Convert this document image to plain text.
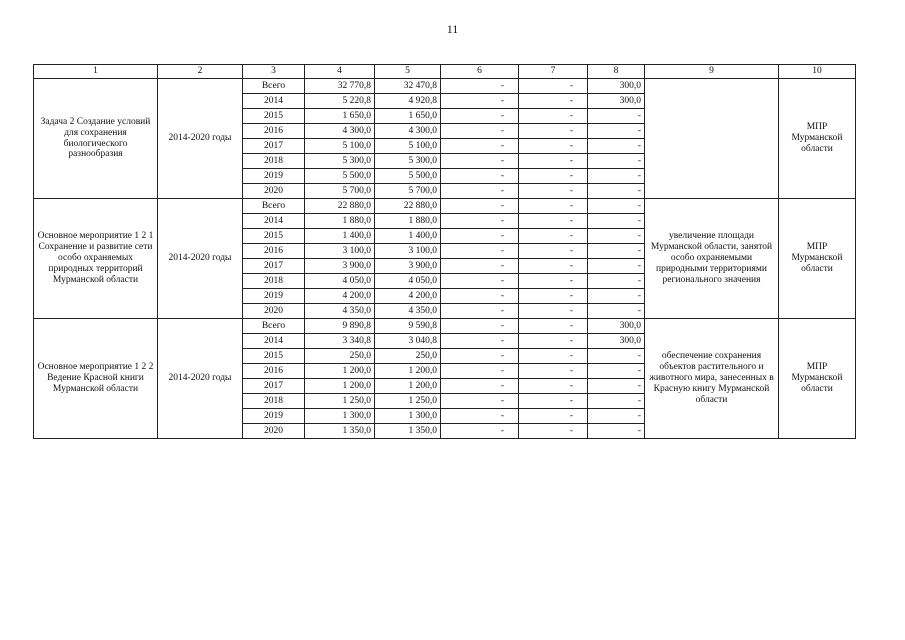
11
1	2	3	4	5	6	7	8	9	10
Задача 2 Создание условий для сохранения биологического разнообразия	2014-2020 годы	Всего	32 770,8	32 470,8	-	-	300,0		МПР Мурманской области
		2014	5 220,8	4 920,8	-	-	300,0		
		2015	1 650,0	1 650,0	-	-	-		
		2016	4 300,0	4 300,0	-	-	-		
		2017	5 100,0	5 100,0	-	-	-		
		2018	5 300,0	5 300,0	-	-	-		
		2019	5 500,0	5 500,0	-	-	-		
		2020	5 700,0	5 700,0	-	-	-		
Основное мероприятие 1 2 1 Сохранение и развитие сети особо охраняемых природных территорий Мурманской области	2014-2020 годы	Всего	22 880,0	22 880,0	-	-	-	увеличение площади Мурманской области, занятой особо охраняемыми природными территориями регионального значения	МПР Мурманской области
		2014	1 880,0	1 880,0	-	-	-		
		2015	1 400,0	1 400,0	-	-	-		
		2016	3 100,0	3 100,0	-	-	-		
		2017	3 900,0	3 900,0	-	-	-		
		2018	4 050,0	4 050,0	-	-	-		
		2019	4 200,0	4 200,0	-	-	-		
		2020	4 350,0	4 350,0	-	-	-		
Основное мероприятие 1 2 2 Ведение Красной книги Мурманской области	2014-2020 годы	Всего	9 890,8	9 590,8	-	-	300,0	обеспечение сохранения объектов растительного и животного мира, занесенных в Красную книгу Мурманской области	МПР Мурманской области
		2014	3 340,8	3 040,8	-	-	300,0		
		2015	250,0	250,0	-	-	-		
		2016	1 200,0	1 200,0	-	-	-		
		2017	1 200,0	1 200,0	-	-	-		
		2018	1 250,0	1 250,0	-	-	-		
		2019	1 300,0	1 300,0	-	-	-		
		2020	1 350,0	1 350,0	-	-	-		
